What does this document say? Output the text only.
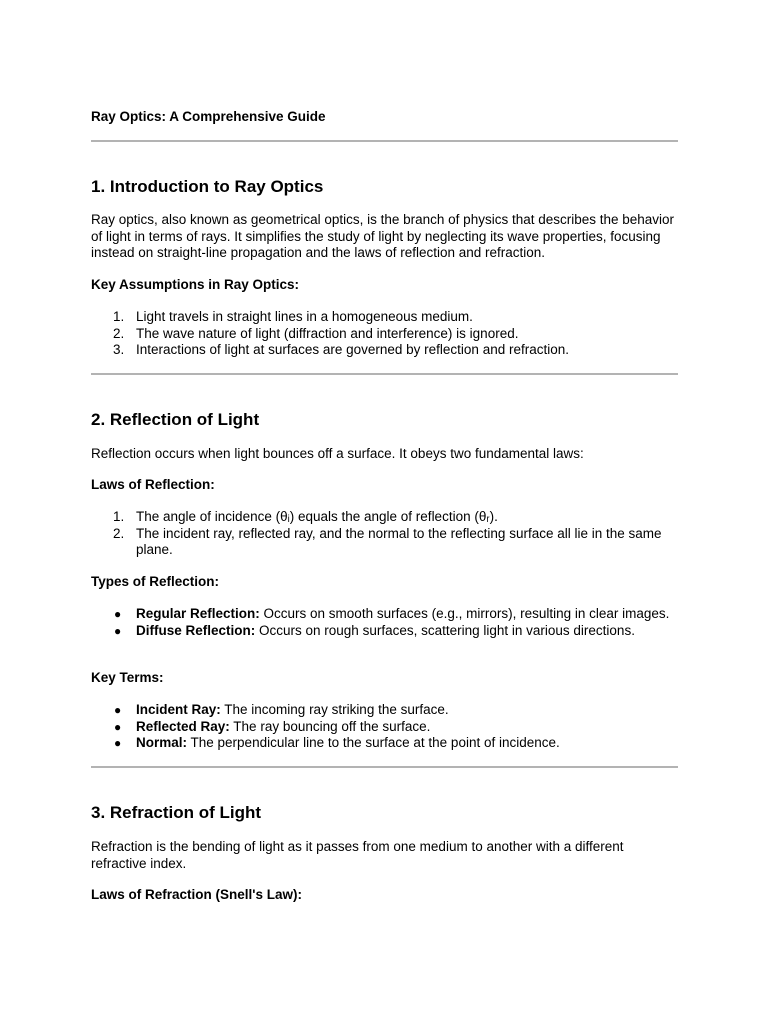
Ray Optics: A Comprehensive Guide
1. Introduction to Ray Optics
Ray optics, also known as geometrical optics, is the branch of physics that describes the behavior of light in terms of rays. It simplifies the study of light by neglecting its wave properties, focusing instead on straight-line propagation and the laws of reflection and refraction.
Key Assumptions in Ray Optics:
1. Light travels in straight lines in a homogeneous medium.
2. The wave nature of light (diffraction and interference) is ignored.
3. Interactions of light at surfaces are governed by reflection and refraction.
2. Reflection of Light
Reflection occurs when light bounces off a surface. It obeys two fundamental laws:
Laws of Reflection:
1. The angle of incidence (θᵢ) equals the angle of reflection (θᵣ).
2. The incident ray, reflected ray, and the normal to the reflecting surface all lie in the same plane.
Types of Reflection:
● Regular Reflection: Occurs on smooth surfaces (e.g., mirrors), resulting in clear images.
● Diffuse Reflection: Occurs on rough surfaces, scattering light in various directions.
Key Terms:
● Incident Ray: The incoming ray striking the surface.
● Reflected Ray: The ray bouncing off the surface.
● Normal: The perpendicular line to the surface at the point of incidence.
3. Refraction of Light
Refraction is the bending of light as it passes from one medium to another with a different refractive index.
Laws of Refraction (Snell's Law):
